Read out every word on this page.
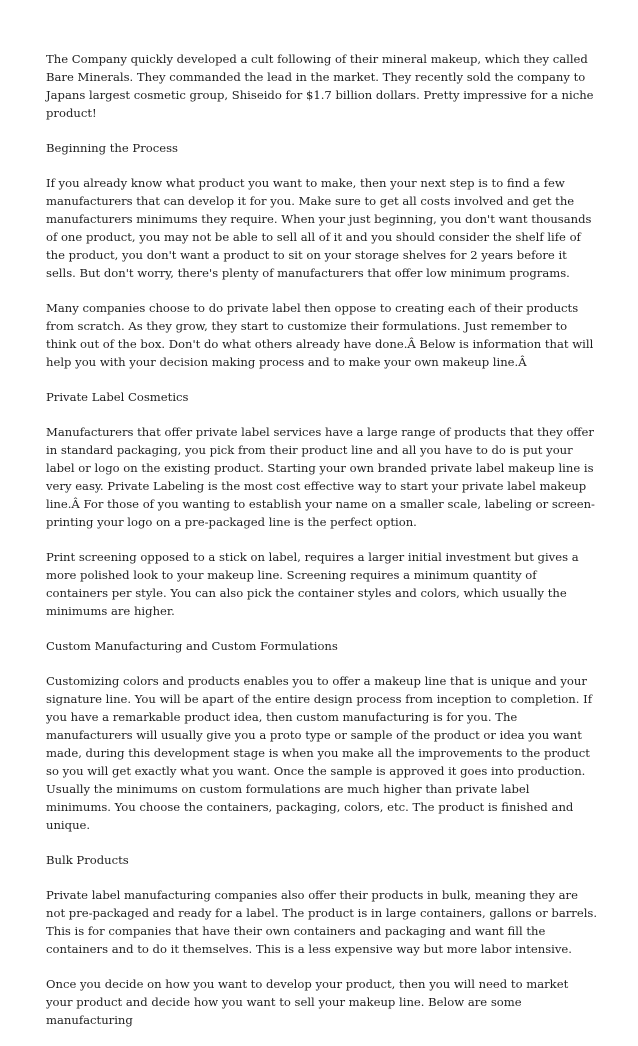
The Company quickly developed a cult following of their mineral makeup, which they called Bare Minerals. They commanded the lead in the market. They recently sold the company to Japans largest cosmetic group, Shiseido for $1.7 billion dollars. Pretty impressive for a niche product!

Beginning the Process

If you already know what product you want to make, then your next step is to find a few manufacturers that can develop it for you. Make sure to get all costs involved and get the manufacturers minimums they require. When your just beginning, you don't want thousands of one product, you may not be able to sell all of it and you should consider the shelf life of the product, you don't want a product to sit on your storage shelves for 2 years before it sells. But don't worry, there's plenty of manufacturers that offer low minimum programs.

Many companies choose to do private label then oppose to creating each of their products from scratch. As they grow, they start to customize their formulations. Just remember to think out of the box. Don't do what others already have done.Â Below is information that will help you with your decision making process and to make your own makeup line.Â

Private Label Cosmetics

Manufacturers that offer private label services have a large range of products that they offer in standard packaging, you pick from their product line and all you have to do is put your label or logo on the existing product. Starting your own branded private label makeup line is very easy. Private Labeling is the most cost effective way to start your private label makeup line.Â For those of you wanting to establish your name on a smaller scale, labeling or screen-printing your logo on a pre-packaged line is the perfect option.

Print screening opposed to a stick on label, requires a larger initial investment but gives a more polished look to your makeup line. Screening requires a minimum quantity of containers per style. You can also pick the container styles and colors, which usually the minimums are higher.

Custom Manufacturing and Custom Formulations

Customizing colors and products enables you to offer a makeup line that is unique and your signature line. You will be apart of the entire design process from inception to completion. If you have a remarkable product idea, then custom manufacturing is for you. The manufacturers will usually give you a proto type or sample of the product or idea you want made, during this development stage is when you make all the improvements to the product so you will get exactly what you want. Once the sample is approved it goes into production. Usually the minimums on custom formulations are much higher than private label minimums. You choose the containers, packaging, colors, etc. The product is finished and unique.

Bulk Products

Private label manufacturing companies also offer their products in bulk, meaning they are not pre-packaged and ready for a label. The product is in large containers, gallons or barrels. This is for companies that have their own containers and packaging and want fill the containers and to do it themselves. This is a less expensive way but more labor intensive.

Once you decide on how you want to develop your product, then you will need to market your product and decide how you want to sell your makeup line. Below are some manufacturing
